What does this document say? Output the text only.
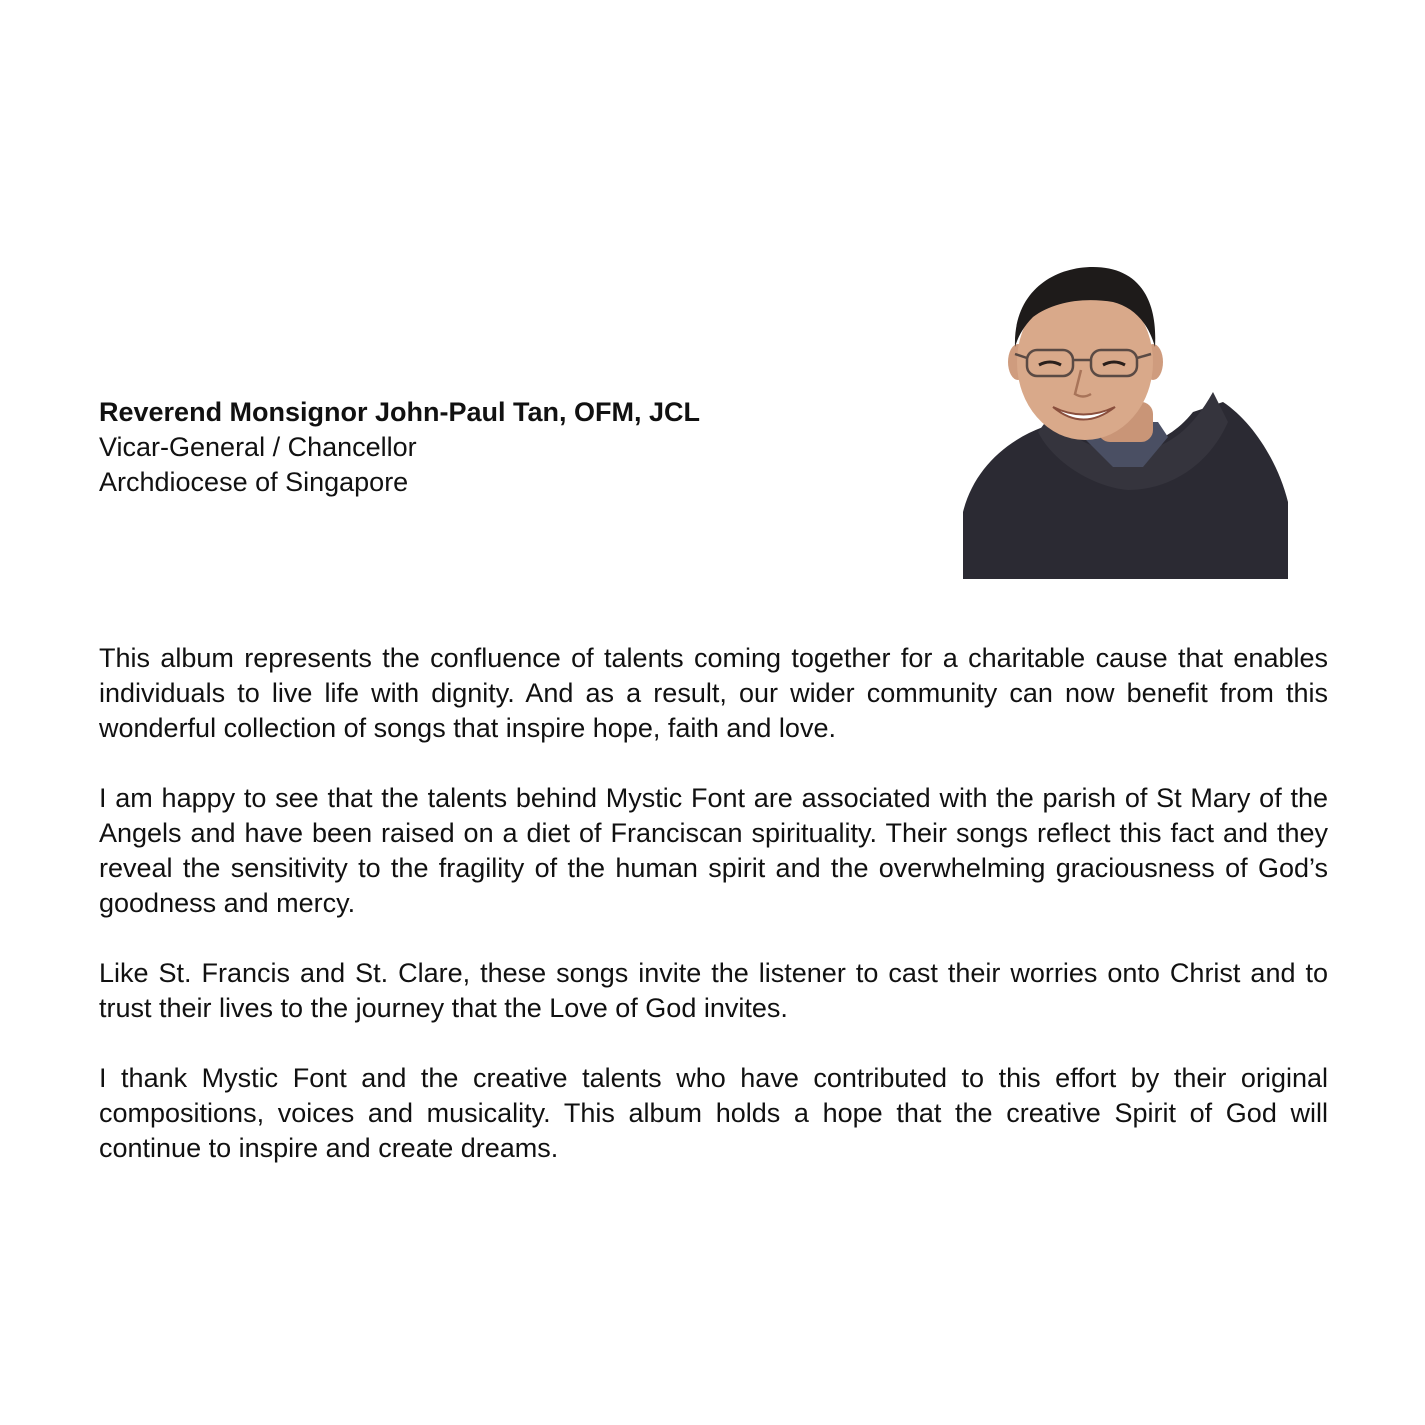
Reverend Monsignor John-Paul Tan, OFM, JCL
Vicar-General / Chancellor
Archdiocese of Singapore

This album represents the confluence of talents coming together for a charitable cause that enables individuals to live life with dignity. And as a result, our wider community can now benefit from this wonderful collection of songs that inspire hope, faith and love.

I am happy to see that the talents behind Mystic Font are associated with the parish of St Mary of the Angels and have been raised on a diet of Franciscan spirituality. Their songs reflect this fact and they reveal the sensitivity to the fragility of the human spirit and the overwhelming graciousness of God’s goodness and mercy.

Like St. Francis and St. Clare, these songs invite the listener to cast their worries onto Christ and to trust their lives to the journey that the Love of God invites.

I thank Mystic Font and the creative talents who have contributed to this effort by their original compositions, voices and musicality. This album holds a hope that the creative Spirit of God will continue to inspire and create dreams.
